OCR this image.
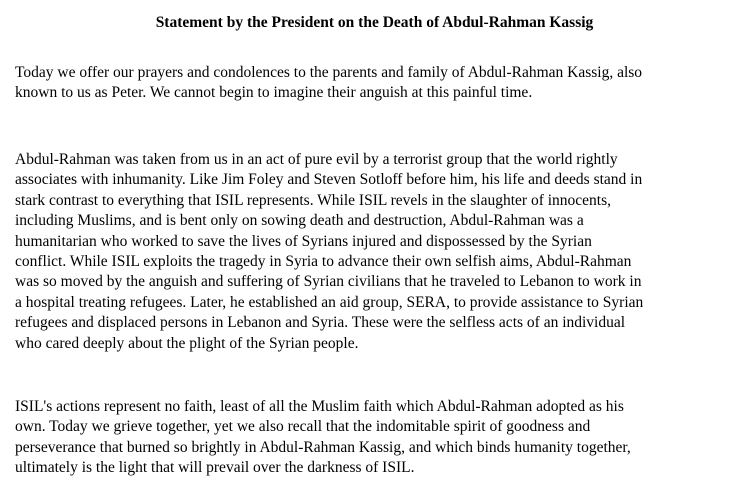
Statement by the President on the Death of Abdul-Rahman Kassig

Today we offer our prayers and condolences to the parents and family of Abdul-Rahman Kassig, also
known to us as Peter. We cannot begin to imagine their anguish at this painful time.

Abdul-Rahman was taken from us in an act of pure evil by a terrorist group that the world rightly
associates with inhumanity. Like Jim Foley and Steven Sotloff before him, his life and deeds stand in
stark contrast to everything that ISIL represents. While ISIL revels in the slaughter of innocents,
including Muslims, and is bent only on sowing death and destruction, Abdul-Rahman was a
humanitarian who worked to save the lives of Syrians injured and dispossessed by the Syrian
conflict. While ISIL exploits the tragedy in Syria to advance their own selfish aims, Abdul-Rahman
was so moved by the anguish and suffering of Syrian civilians that he traveled to Lebanon to work in
a hospital treating refugees. Later, he established an aid group, SERA, to provide assistance to Syrian
refugees and displaced persons in Lebanon and Syria. These were the selfless acts of an individual
who cared deeply about the plight of the Syrian people.

ISIL's actions represent no faith, least of all the Muslim faith which Abdul-Rahman adopted as his
own. Today we grieve together, yet we also recall that the indomitable spirit of goodness and
perseverance that burned so brightly in Abdul-Rahman Kassig, and which binds humanity together,
ultimately is the light that will prevail over the darkness of ISIL.
